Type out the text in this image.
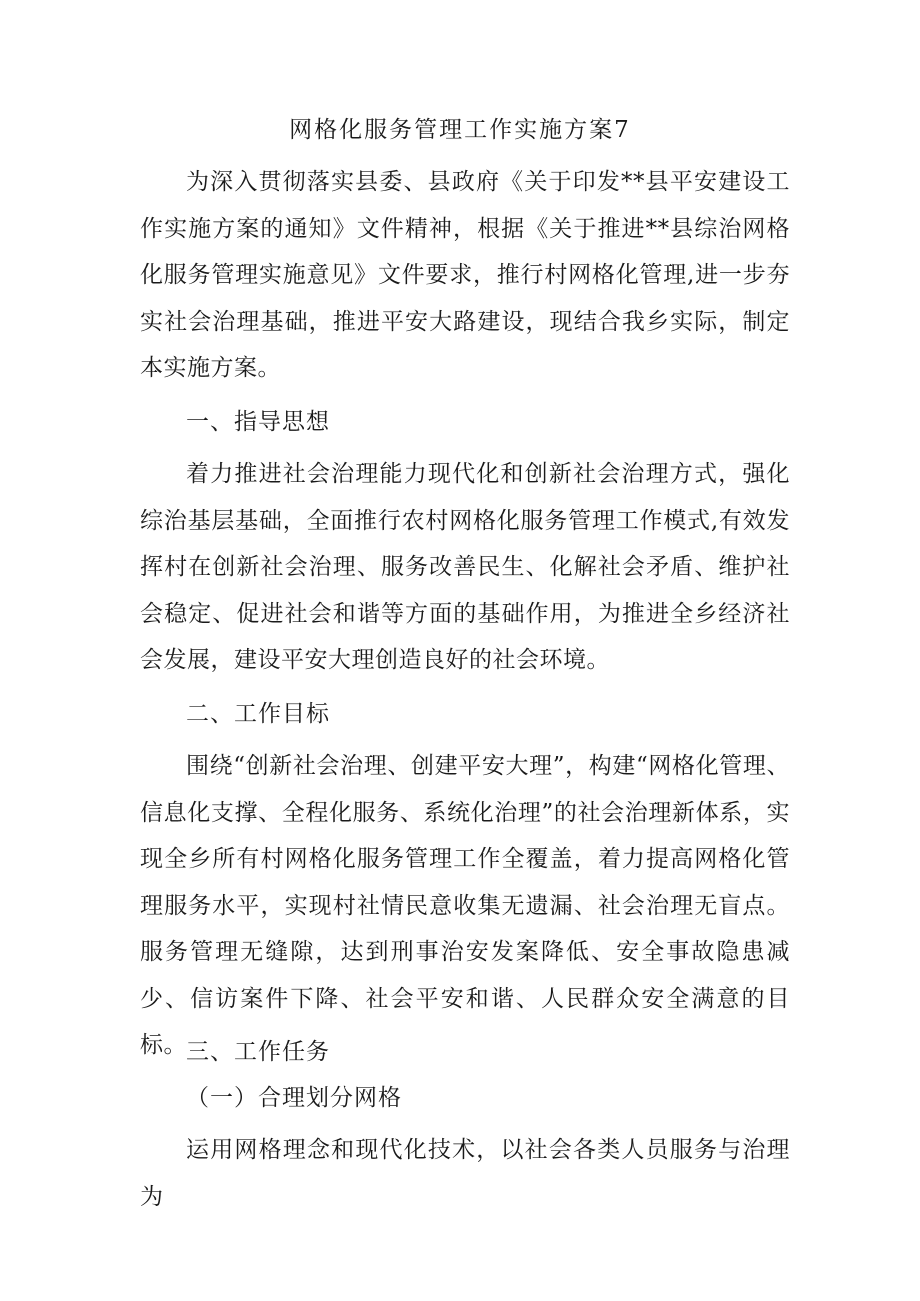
网格化服务管理工作实施方案7

为深入贯彻落实县委、县政府《关于印发**县平安建设工作实施方案的通知》文件精神，根据《关于推进**县综治网格化服务管理实施意见》文件要求，推行村网格化管理,进一步夯实社会治理基础，推进平安大路建设，现结合我乡实际，制定本实施方案。

一、指导思想

着力推进社会治理能力现代化和创新社会治理方式，强化综治基层基础，全面推行农村网格化服务管理工作模式,有效发挥村在创新社会治理、服务改善民生、化解社会矛盾、维护社会稳定、促进社会和谐等方面的基础作用，为推进全乡经济社会发展，建设平安大理创造良好的社会环境。

二、工作目标

围绕“创新社会治理、创建平安大理”，构建“网格化管理、信息化支撑、全程化服务、系统化治理”的社会治理新体系，实现全乡所有村网格化服务管理工作全覆盖，着力提高网格化管理服务水平，实现村社情民意收集无遗漏、社会治理无盲点。服务管理无缝隙，达到刑事治安发案降低、安全事故隐患减少、信访案件下降、社会平安和谐、人民群众安全满意的目标。 三、工作任务

（一）合理划分网格

运用网格理念和现代化技术，以社会各类人员服务与治理为
